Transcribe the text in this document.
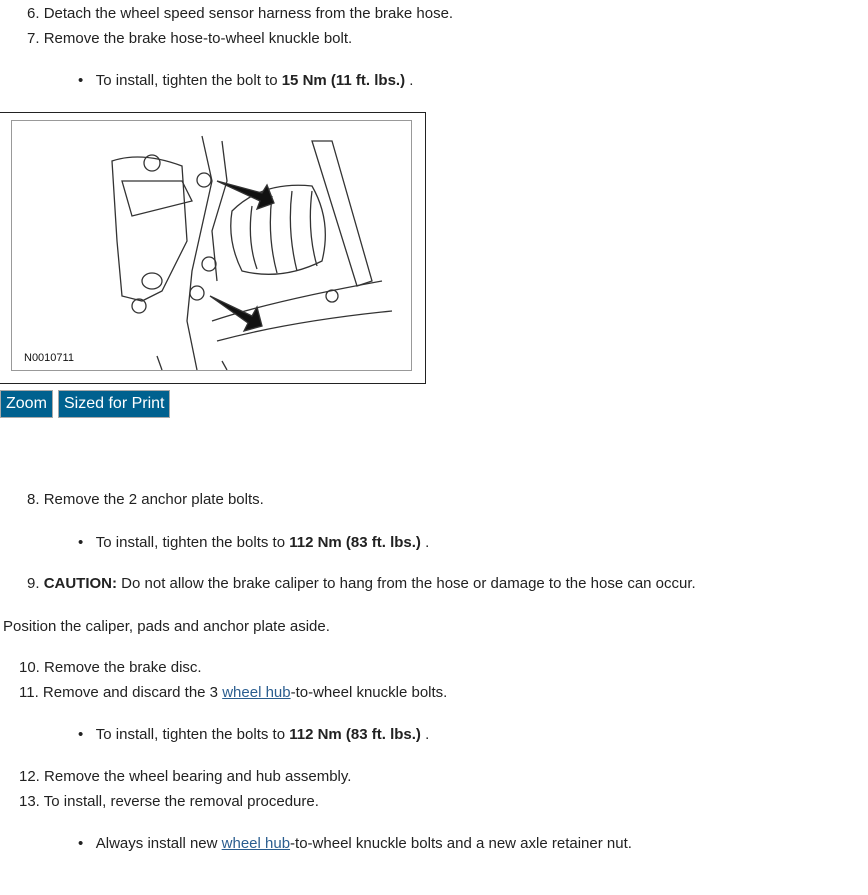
6. Detach the wheel speed sensor harness from the brake hose.
7. Remove the brake hose-to-wheel knuckle bolt.
•   To install, tighten the bolt to 15 Nm (11 ft. lbs.) .
N0010711
Zoom	Sized for Print
8. Remove the 2 anchor plate bolts.
•   To install, tighten the bolts to 112 Nm (83 ft. lbs.) .
9. CAUTION: Do not allow the brake caliper to hang from the hose or damage to the hose can occur.
Position the caliper, pads and anchor plate aside.
10. Remove the brake disc.
11. Remove and discard the 3 wheel hub-to-wheel knuckle bolts.
•   To install, tighten the bolts to 112 Nm (83 ft. lbs.) .
12. Remove the wheel bearing and hub assembly.
13. To install, reverse the removal procedure.
•   Always install new wheel hub-to-wheel knuckle bolts and a new axle retainer nut.
